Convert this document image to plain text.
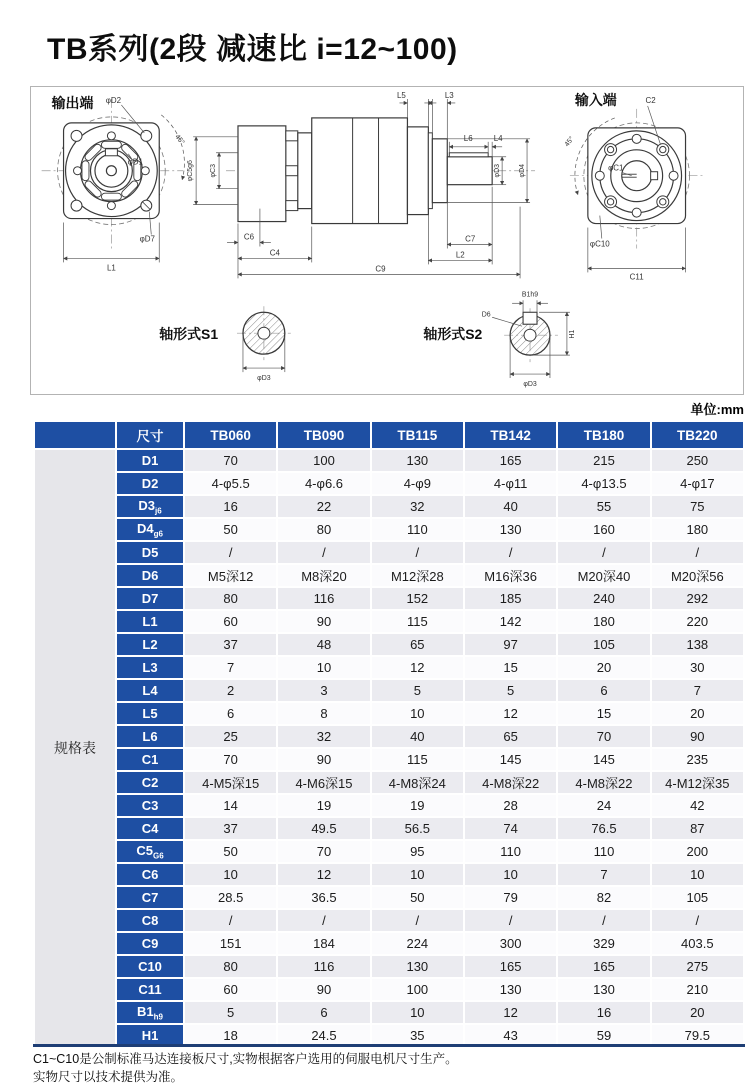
TB系列(2段 减速比 i=12~100)
输出端 φD2
φD1
45°
φD7
L1
φC5g6 φC3
C6
C4
C9
L5	L3
L6	L4
φD3	φD4
C7
L2
输入端	C2
45°
φC1
φC10
C11
轴形式S1
φD3
轴形式S2
B1h9
D6
H1
φD3
单位:mm
	尺寸	TB060	TB090	TB115	TB142	TB180	TB220
规格表	D1	70	100	130	165	215	250
	D2	4-φ5.5	4-φ6.6	4-φ9	4-φ11	4-φ13.5	4-φ17
	$D3_{j6}$	16	22	32	40	55	75
	$D4_{g6}$	50	80	110	130	160	180
	D5	/	/	/	/	/	/
	D6	M5深12	M8深20	M12深28	M16深36	M20深40	M20深56
	D7	80	116	152	185	240	292
	L1	60	90	115	142	180	220
	L2	37	48	65	97	105	138
	L3	7	10	12	15	20	30
	L4	2	3	5	5	6	7
	L5	6	8	10	12	15	20
	L6	25	32	40	65	70	90
	C1	70	90	115	145	145	235
	C2	4-M5深15	4-M6深15	4-M8深24	4-M8深22	4-M8深22	4-M12深35
	C3	14	19	19	28	24	42
	C4	37	49.5	56.5	74	76.5	87
	$C5_{G6}$	50	70	95	110	110	200
	C6	10	12	10	10	7	10
	C7	28.5	36.5	50	79	82	105
	C8	/	/	/	/	/	/
	C9	151	184	224	300	329	403.5
	C10	80	116	130	165	165	275
	C11	60	90	100	130	130	210
	$B1_{h9}$	5	6	10	12	16	20
	H1	18	24.5	35	43	59	79.5
C1~C10是公制标准马达连接板尺寸,实物根据客户选用的伺服电机尺寸生产。
实物尺寸以技术提供为准。
